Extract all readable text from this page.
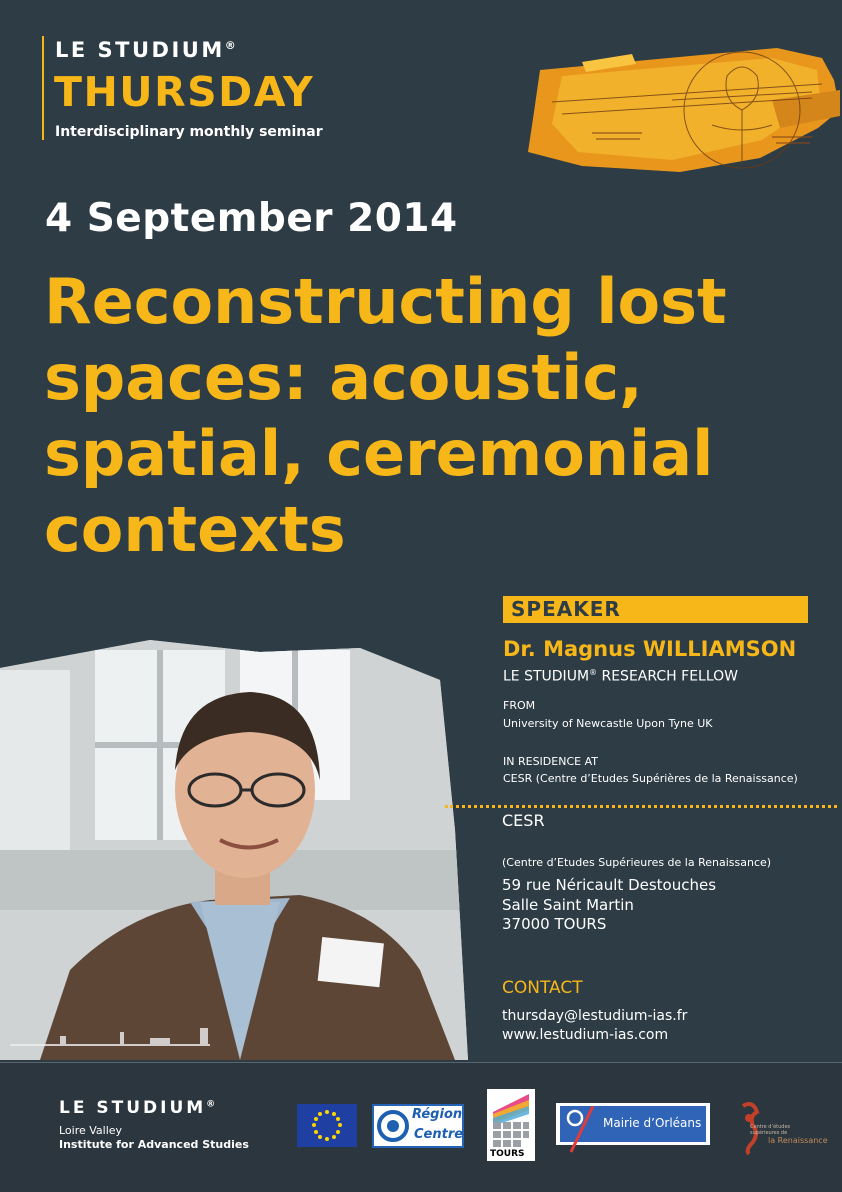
LE STUDIUM®
THURSDAY
Interdisciplinary monthly seminar
4 September 2014
Reconstructing lost
spaces: acoustic,
spatial, ceremonial
contexts
SPEAKER
Dr. Magnus WILLIAMSON
LE STUDIUM® RESEARCH FELLOW
FROM
University of Newcastle Upon Tyne UK
IN RESIDENCE AT
CESR (Centre d’Etudes Supérières de la Renaissance)
CESR
(Centre d’Etudes Supérieures de la Renaissance)
59 rue Néricault Destouches
Salle Saint Martin
37000 TOURS
CONTACT
thursday@lestudium-ias.fr
www.lestudium-ias.com
LE STUDIUM®
Loire Valley
Institute for Advanced Studies
Région
Centre
TOURS
Mairie d’Orléans	Centre d’études supérieures de
la Renaissance
